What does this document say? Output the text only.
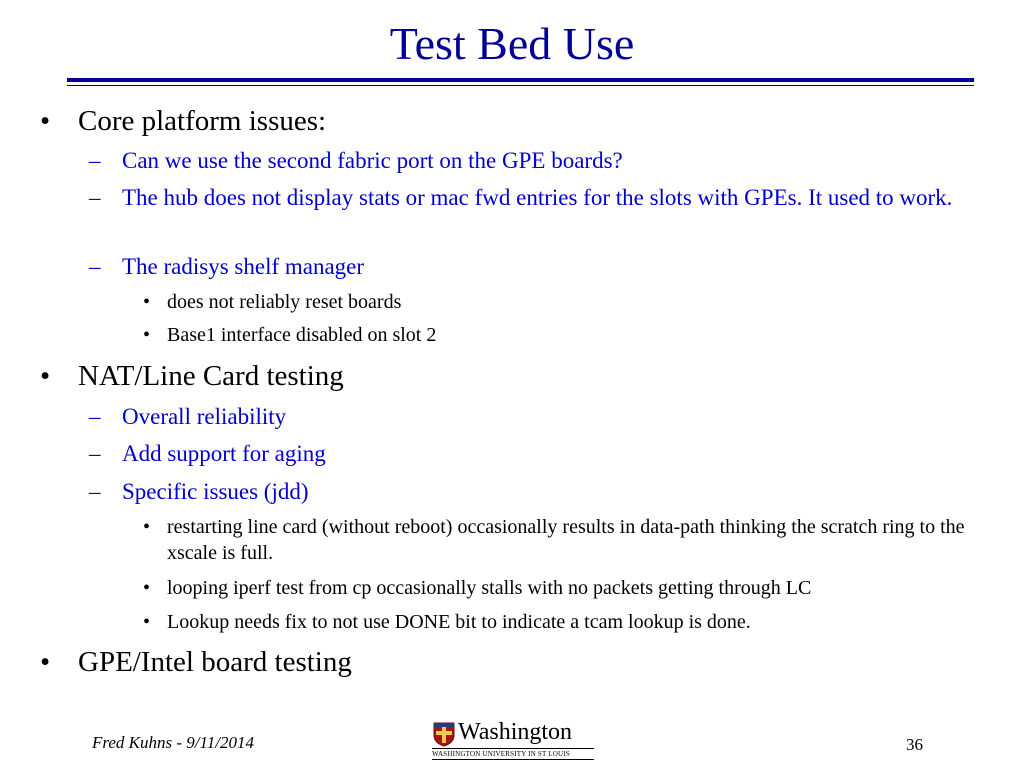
Test Bed Use
• Core platform issues:
– Can we use the second fabric port on the GPE boards?
– The hub does not display stats or mac fwd entries for the slots with GPEs. It used to work.
– The radisys shelf manager
• does not reliably reset boards
• Base1 interface disabled on slot 2
• NAT/Line Card testing
– Overall reliability
– Add support for aging
– Specific issues (jdd)
• restarting line card (without reboot) occasionally results in data-path thinking the scratch ring to the xscale is full.
• looping iperf test from cp occasionally stalls with no packets getting through LC
• Lookup needs fix to not use DONE bit to indicate a tcam lookup is done.
• GPE/Intel board testing
Fred Kuhns - 9/11/2014	Washington
WASHINGTON UNIVERSITY IN ST LOUIS	36
